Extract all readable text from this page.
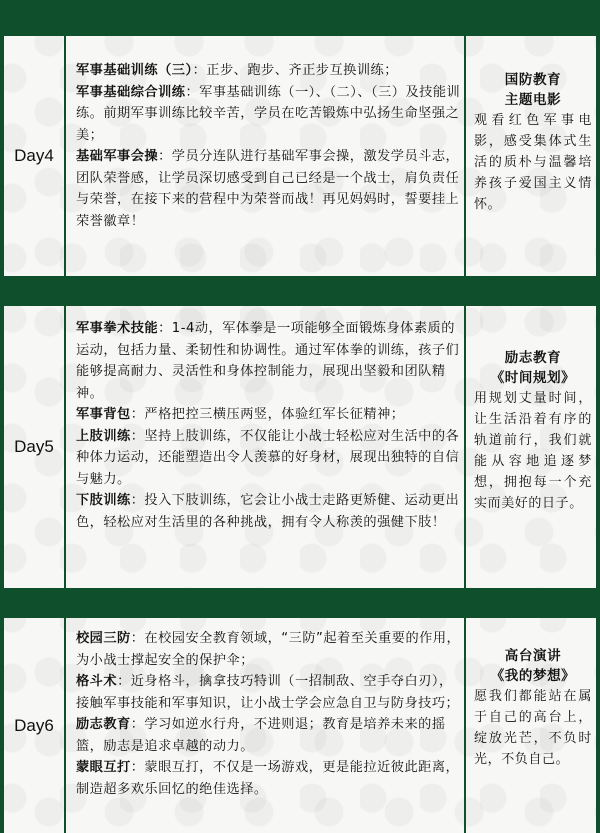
Day4

军事基础训练（三）：正步、跑步、齐正步互换训练；

军事基础综合训练：军事基础训练（一）、（二）、（三）及技能训练。前期军事训练比较辛苦，学员在吃苦锻炼中弘扬生命坚强之美；

基础军事会操：学员分连队进行基础军事会操，激发学员斗志，团队荣誉感，让学员深切感受到自己已经是一个战士，肩负责任与荣誉，在接下来的营程中为荣誉而战！再见妈妈时，誓要挂上荣誉徽章！

国防教育
主题电影

观看红色军事电影，感受集体式生活的质朴与温馨培养孩子爱国主义情怀。

Day5

军事拳术技能：1-4动，军体拳是一项能够全面锻炼身体素质的运动，包括力量、柔韧性和协调性。通过军体拳的训练，孩子们能够提高耐力、灵活性和身体控制能力，展现出坚毅和团队精神。

军事背包：严格把控三横压两竖，体验红军长征精神；

上肢训练：坚持上肢训练，不仅能让小战士轻松应对生活中的各种体力运动，还能塑造出令人羡慕的好身材，展现出独特的自信与魅力。

下肢训练：投入下肢训练，它会让小战士走路更矫健、运动更出色，轻松应对生活里的各种挑战，拥有令人称羡的强健下肢！

励志教育
《时间规划》

用规划丈量时间，让生活沿着有序的轨道前行，我们就能从容地追逐梦想，拥抱每一个充实而美好的日子。

Day6

校园三防：在校园安全教育领域，“三防”起着至关重要的作用，为小战士撑起安全的保护伞；

格斗术：近身格斗，擒拿技巧特训（一招制敌、空手夺白刃），接触军事技能和军事知识，让小战士学会应急自卫与防身技巧；

励志教育：学习如逆水行舟，不进则退；教育是培养未来的摇篮，励志是追求卓越的动力。

蒙眼互打：蒙眼互打，不仅是一场游戏，更是能拉近彼此距离，制造超多欢乐回忆的绝佳选择。

高台演讲
《我的梦想》

愿我们都能站在属于自己的高台上，绽放光芒，不负时光，不负自己。
